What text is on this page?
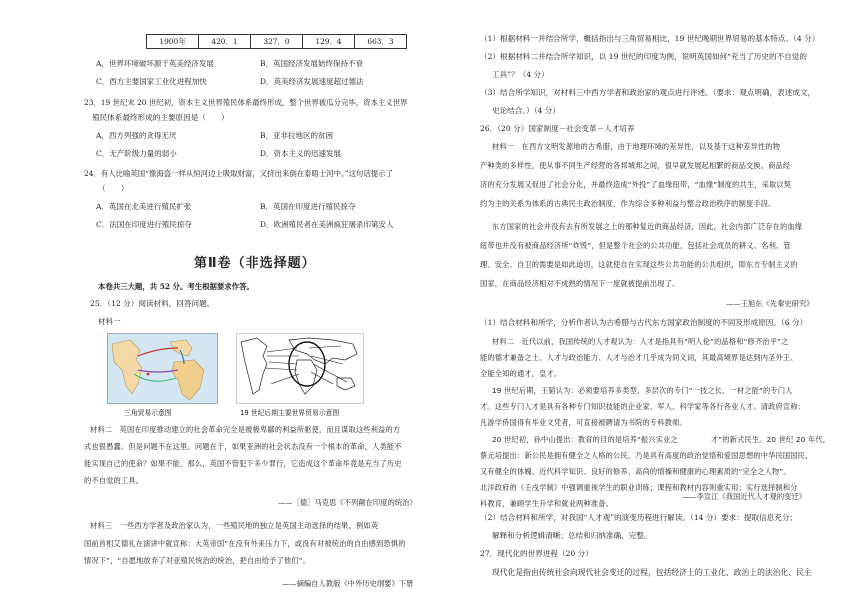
1900年	420．1	327．0	129．4	663．3
A．世界环境破坏源于英美经济发展	B．英国经济发展始终保持不衰
C．西方主要国家工业化进程加快	D．英美经济发展速度超过德法
23．19 世纪末 20 世纪初，资本主义世界殖民体系最终形成，整个世界被瓜分完毕，资本主义世界
殖民体系最终形成的主要原因是（　　）
A．西方列强的贪得无厌	B．亚非拉地区的贫困
C．无产阶级力量的弱小	D．资本主义的迅速发展
24．有人比喻英国“像海盗一样从恒河边上吸取财富，又挤出来倒在泰晤士河中。”这句话提示了
（　　）
A．英国在北美进行殖民扩张	B．英国在印度进行殖民掠夺
C．法国在印度进行殖民掠夺	D．欧洲殖民者在美洲疯狂屠杀印第安人
第Ⅱ卷（非选择题）
本卷共三大题，共 52 分。考生根据要求作答。
25．（12 分）阅读材料，回答问题。
材料一
三角贸易示意图	19 世纪后期主要世界贸易示意图
材料二　英国在印度推动建立的社会革命完全是被极卑鄙的利益所驱使，而且谋取这些利益的方
式也很愚蠢。但是问题不在这里。问题在于，如果亚洲的社会状态没有一个根本的革命，人类能不
能实现自己的使命？如果不能，那么，英国不管犯下多少罪行，它造成这个革命毕竟是充当了历史
的不自觉的工具。
——［德］马克思《不列颠在印度的统治》
材料三　一些西方学者及政治家认为，一些殖民地的独立是英国主动选择的结果，例如英
国前首相艾德礼在演讲中就宣称：大英帝国“在没有外来压力下，或没有对被统治的自由感到恐惧的
情况下”，“自愿地放弃了对亚殖民统治的统治，把自由给予了他们”。
——摘编自人教版《中外历史纲要》下册
（1）根据材料一并结合所学，概括指出与三角贸易相比，19 世纪晚期世界贸易的基本特点。（4 分）
（2）根据材料二并结合所学知识，以 19 世纪的印度为例，说明英国如何“充当了历史的不自觉的
工具”？（4 分）
（3）结合所学知识，对材料三中西方学者和政治家的观点进行评述。（要求：观点明确，表述成文，
史论结合。）（4 分）
26．（20 分）国家制度－社会变革－人才培养
材料一　在西方文明发源地的古希腊，由于地理环境的差异性，以及基于这种差异性的物
产种类的多样性，使从事不同生产经营的各邦城邦之间，很早就发展起相繁的商品交换。商品经
济的充分发展又促进了社会分化，并最终造成“外投”了血缘纽带，“血缘”制度的共生，采取以契
约为主的关系为体系的古典民主政治制度，作为综合多种利益与整合政治秩序的制度手段。
东方国家的社会并没有去有所发展之上的那种复近的商品经济，因此，社会内部广泛存在的血缘
纽带也并没有被商品经济所“炸毁”，但是整个社会的公共功能，包括社会成员的耕义、名利、管
理、安全、自卫的需要是如此迫切，这就使自在实现这些公共功能的公共组织，即东方专制主义的
国家，在商品经济相对不成熟的情况下一度就被提前出现了。
——王旭东《先秦史研究》
（1）结合材料和所学，分析作者认为古希腊与古代东方国家政治制度的不同及形成原因。（6 分）
材料二　近代以前，我国传统的人才观认为：人才是指具有“明人伦”的品格和“修齐治平”之
能的德才兼备之士。人才与政治能力、人才与治才几乎成为同义词，其最高境界是达到内圣外王、
全能全知的通才，皇才。
19 世纪后期，王韬认为：必须要培养多类型、多层次的专门“一技之长、一材之能”的专门人
才。这些专门人才是具有各种专门知识技能的企业家、军人、科学家等各行各业人才。清政府宣称：
凡游学侨国得有毕业文凭者，可直接被聘请为书院的专科教师。
20 世纪初，孙中山提出：教育的目的是培养“振兴实业之	才”的新式民生。20 世纪 20 年代，
蔡元培提出：新公民是拥有健全之人格的公民，乃是具有高度的政治觉悟和爱国思想的中华民国国民，
又有健全的体魄、近代科学知识、良好的修养、高尚的情操和健康的心理素质的“完全之人物”。
北洋政府的《壬戌学制》中强调重视学生的职业训练；课程和教材内容则重实用；实行选择制和分
科教育，兼顾学生升学和就业两种准备。
——李宣江《我国近代人才观的变迁》
（2）结合材料和所学，对我国“人才观”的演变历程进行解读。（14 分）要求：提取信息充分；
解释和分析逻辑清晰；总结和归纳准确、完整。
27．现代化的世界进程（20 分）
现代化是指由传统社会向现代社会变迁的过程，包括经济上的工业化、政治上的法治化、民主
